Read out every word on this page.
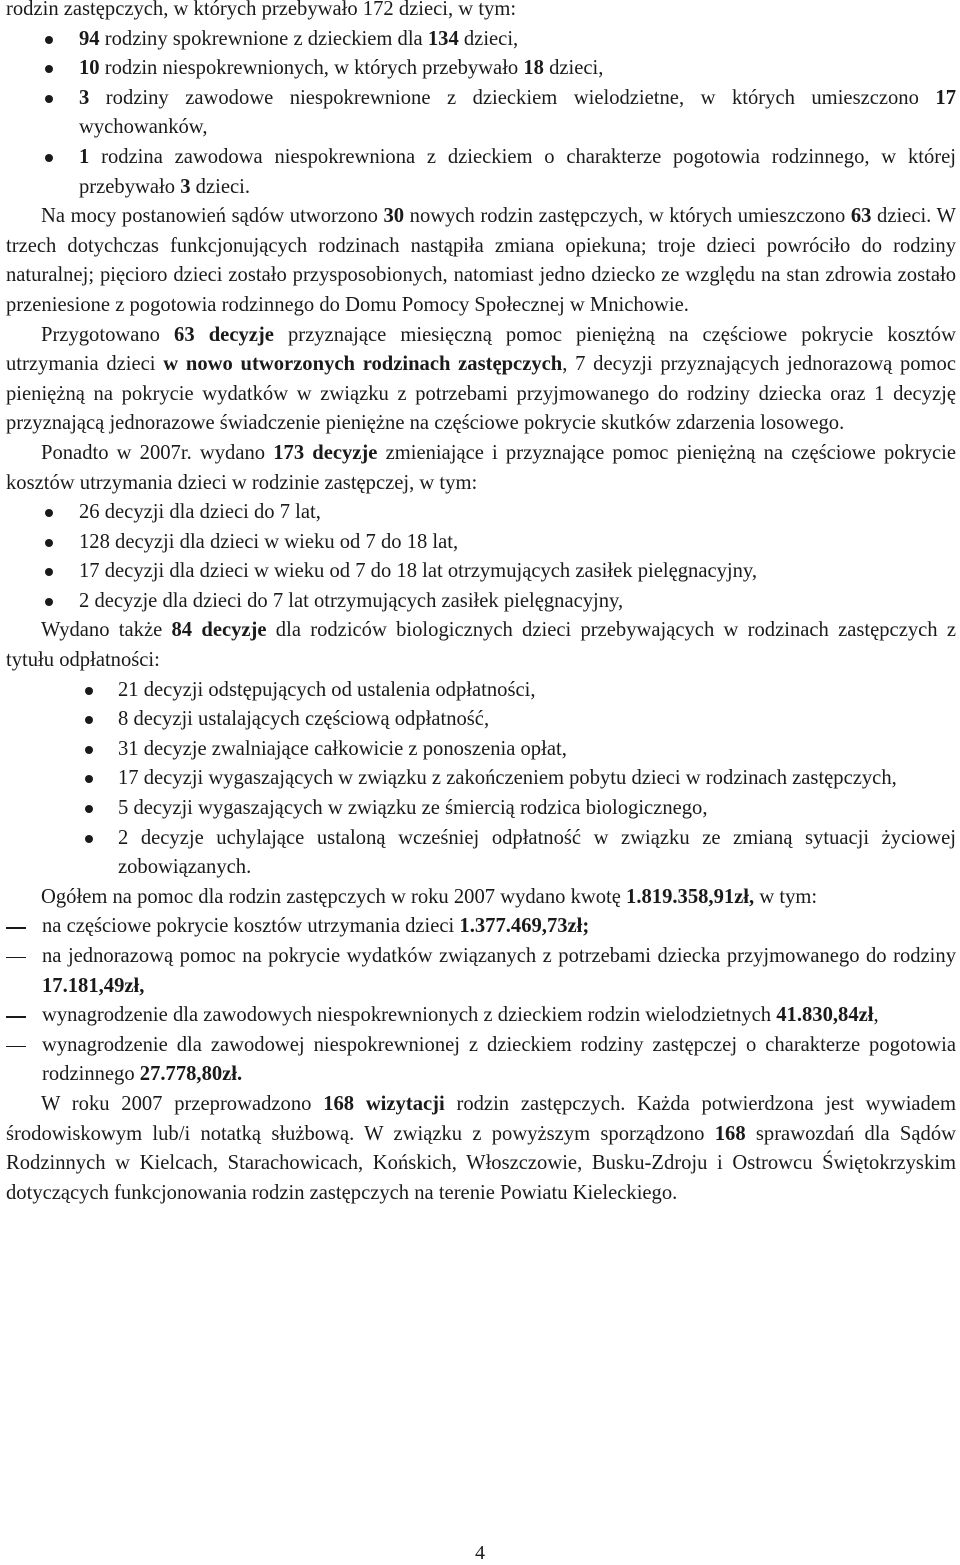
rodzin zastępczych, w których przebywało 172 dzieci, w tym:

94 rodziny spokrewnione z dzieckiem dla 134 dzieci,
10 rodzin niespokrewnionych, w których przebywało 18 dzieci,
3 rodziny zawodowe niespokrewnione z dzieckiem wielodzietne, w których umieszczono 17 wychowanków,
1 rodzina zawodowa niespokrewniona z dzieckiem o charakterze pogotowia rodzinnego, w której przebywało 3 dzieci.

Na mocy postanowień sądów utworzono 30 nowych rodzin zastępczych, w których umieszczono 63 dzieci. W trzech dotychczas funkcjonujących rodzinach nastąpiła zmiana opiekuna; troje dzieci powróciło do rodziny naturalnej; pięcioro dzieci zostało przysposobionych, natomiast jedno dziecko ze względu na stan zdrowia zostało przeniesione z pogotowia rodzinnego do Domu Pomocy Społecznej w Mnichowie.

Przygotowano 63 decyzje przyznające miesięczną pomoc pieniężną na częściowe pokrycie kosztów utrzymania dzieci w nowo utworzonych rodzinach zastępczych, 7 decyzji przyznających jednorazową pomoc pieniężną na pokrycie wydatków w związku z potrzebami przyjmowanego do rodziny dziecka oraz 1 decyzję przyznającą jednorazowe świadczenie pieniężne na częściowe pokrycie skutków zdarzenia losowego.

Ponadto w 2007r. wydano 173 decyzje zmieniające i przyznające pomoc pieniężną na częściowe pokrycie kosztów utrzymania dzieci w rodzinie zastępczej, w tym:

26 decyzji dla dzieci do 7 lat,
128 decyzji dla dzieci w wieku od 7 do 18 lat,
17 decyzji dla dzieci w wieku od 7 do 18 lat otrzymujących zasiłek pielęgnacyjny,
2 decyzje dla dzieci do 7 lat otrzymujących zasiłek pielęgnacyjny,

Wydano także 84 decyzje dla rodziców biologicznych dzieci przebywających w rodzinach zastępczych z tytułu odpłatności:

21 decyzji odstępujących od ustalenia odpłatności,
8 decyzji ustalających częściową odpłatność,
31 decyzje zwalniające całkowicie z ponoszenia opłat,
17 decyzji wygaszających w związku z zakończeniem pobytu dzieci w rodzinach zastępczych,
5 decyzji wygaszających w związku ze śmiercią rodzica biologicznego,
2 decyzje uchylające ustaloną wcześniej odpłatność w związku ze zmianą sytuacji życiowej zobowiązanych.

Ogółem na pomoc dla rodzin zastępczych w roku 2007 wydano kwotę 1.819.358,91zł, w tym:

na częściowe pokrycie kosztów utrzymania dzieci 1.377.469,73zł;
na jednorazową pomoc na pokrycie wydatków związanych z potrzebami dziecka przyjmowanego do rodziny 17.181,49zł,
wynagrodzenie dla zawodowych niespokrewnionych z dzieckiem rodzin wielodzietnych 41.830,84zł,
wynagrodzenie dla zawodowej niespokrewnionej z dzieckiem rodziny zastępczej o charakterze pogotowia rodzinnego 27.778,80zł.

W roku 2007 przeprowadzono 168 wizytacji rodzin zastępczych. Każda potwierdzona jest wywiadem środowiskowym lub/i notatką służbową. W związku z powyższym sporządzono 168 sprawozdań dla Sądów Rodzinnych w Kielcach, Starachowicach, Końskich, Włoszczowie, Busku-Zdroju i Ostrowcu Świętokrzyskim dotyczących funkcjonowania rodzin zastępczych na terenie Powiatu Kieleckiego.

4
